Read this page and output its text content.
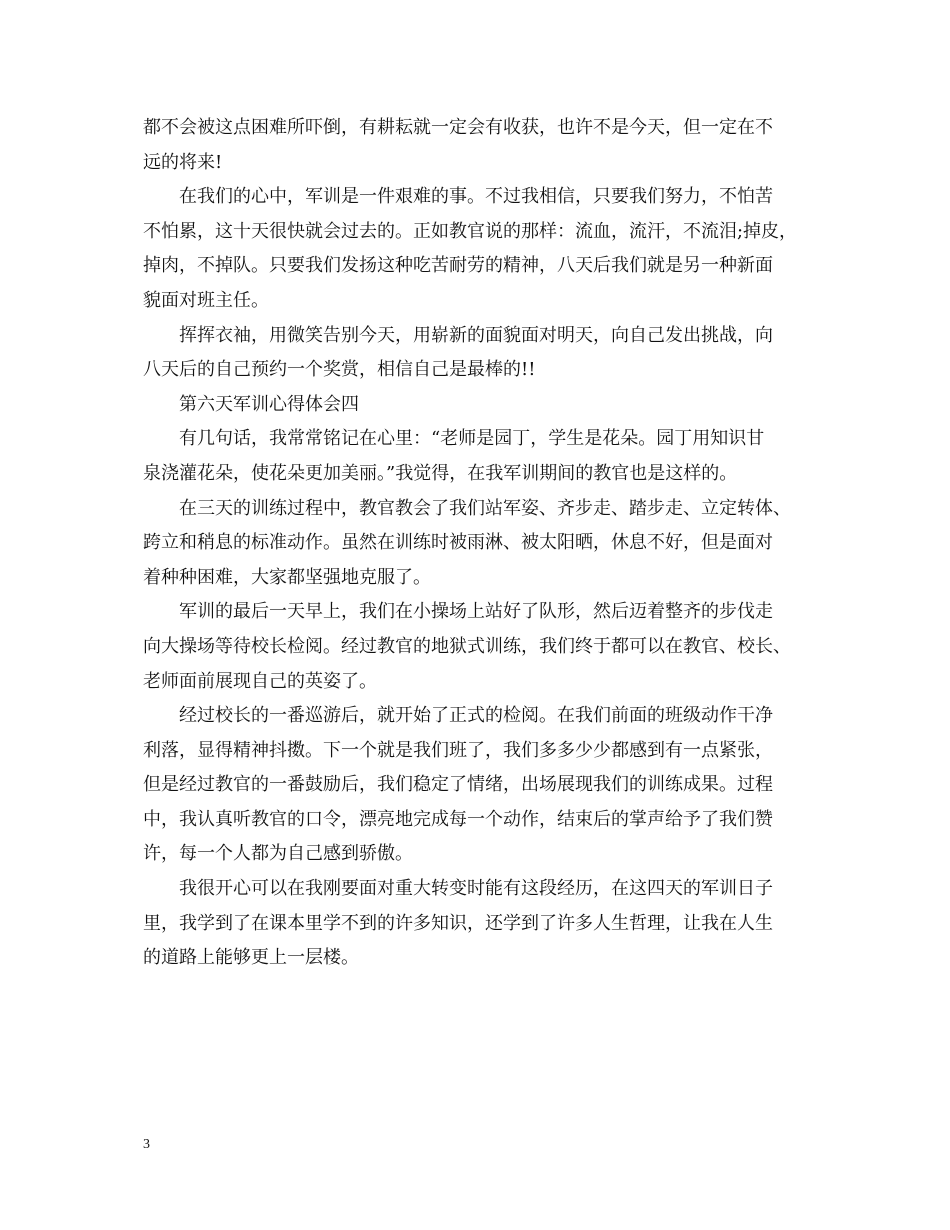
都不会被这点困难所吓倒，有耕耘就一定会有收获，也许不是今天，但一定在不
远的将来!
在我们的心中，军训是一件艰难的事。不过我相信，只要我们努力，不怕苦
不怕累，这十天很快就会过去的。正如教官说的那样：流血，流汗，不流泪;掉皮，
掉肉，不掉队。只要我们发扬这种吃苦耐劳的精神，八天后我们就是另一种新面
貌面对班主任。
挥挥衣袖，用微笑告别今天，用崭新的面貌面对明天，向自己发出挑战，向
八天后的自己预约一个奖赏，相信自己是最棒的!!
第六天军训心得体会四
有几句话，我常常铭记在心里：“老师是园丁，学生是花朵。园丁用知识甘
泉浇灌花朵，使花朵更加美丽。”我觉得，在我军训期间的教官也是这样的。
在三天的训练过程中，教官教会了我们站军姿、齐步走、踏步走、立定转体、
跨立和稍息的标准动作。虽然在训练时被雨淋、被太阳晒，休息不好，但是面对
着种种困难，大家都坚强地克服了。
军训的最后一天早上，我们在小操场上站好了队形，然后迈着整齐的步伐走
向大操场等待校长检阅。经过教官的地狱式训练，我们终于都可以在教官、校长、
老师面前展现自己的英姿了。
经过校长的一番巡游后，就开始了正式的检阅。在我们前面的班级动作干净
利落，显得精神抖擞。下一个就是我们班了，我们多多少少都感到有一点紧张，
但是经过教官的一番鼓励后，我们稳定了情绪，出场展现我们的训练成果。过程
中，我认真听教官的口令，漂亮地完成每一个动作，结束后的掌声给予了我们赞
许，每一个人都为自己感到骄傲。
我很开心可以在我刚要面对重大转变时能有这段经历，在这四天的军训日子
里，我学到了在课本里学不到的许多知识，还学到了许多人生哲理，让我在人生
的道路上能够更上一层楼。
3
